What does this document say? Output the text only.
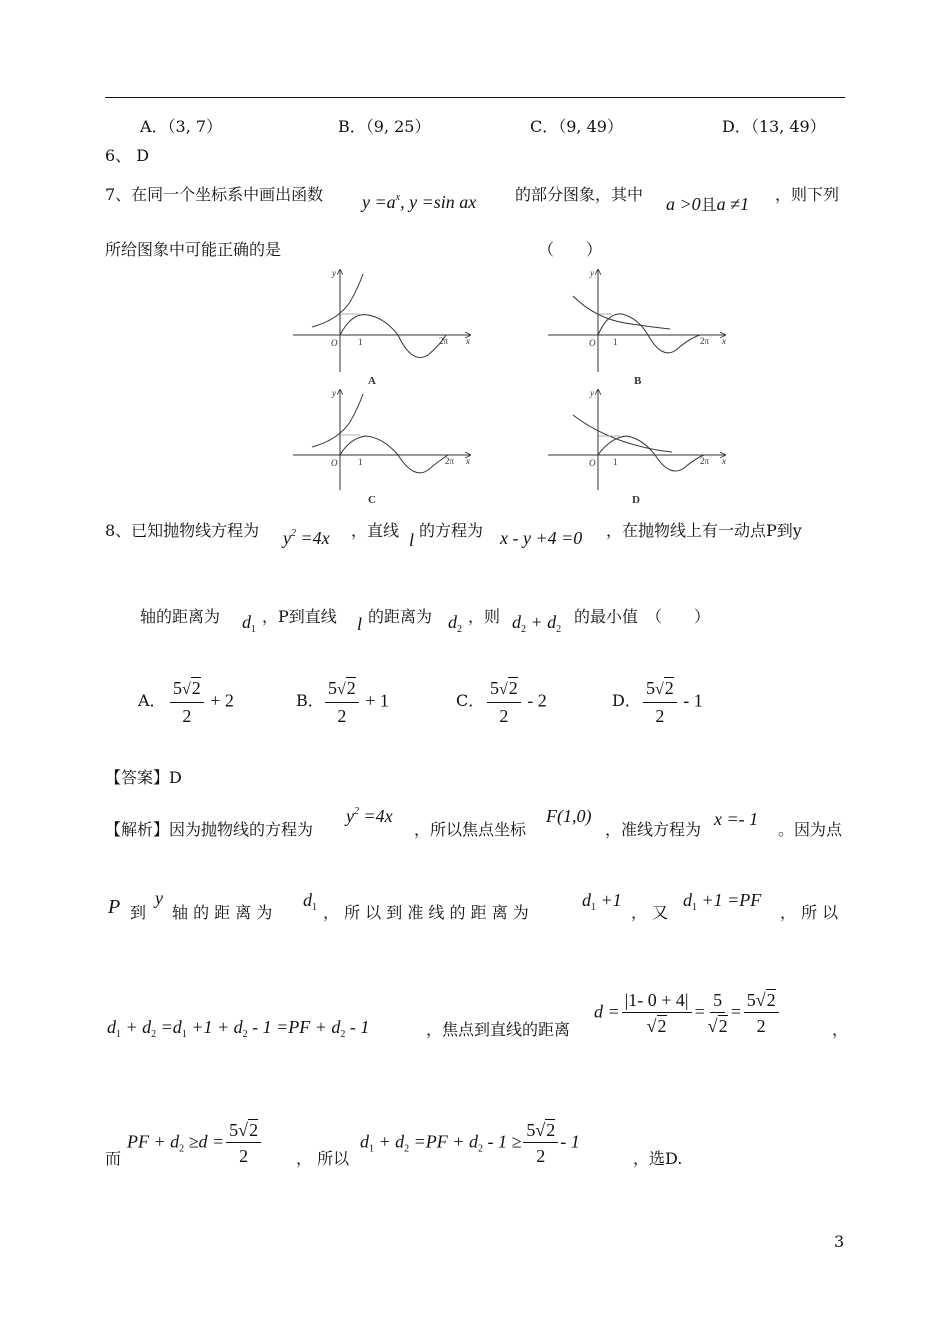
A．（3, 7）	B．（9, 25）	C．（9, 49）	D．（13, 49）
6、 D
7、在同一个坐标系中画出函数 $y =a^x$, y =sin ax 的部分图象，其中 a >0且a ≠1 ，则下列
所给图象中可能正确的是	（　　）
y
x
O 1	2π
y
x
O 1	2π
y
x
O 1	2π
y
x
O 1	2π
A	B
C	D
8、已知抛物线方程为 $y^2 =4x$ ，直线 l 的方程为 x - y +4 =0 ，在抛物线上有一动点P到y
轴的距离为 $d_1$
，P到直线 l 的距离为 $d_2$
，则 $d_2 + d_2$
的最小值　（　　）
A． $\frac{5√2}{2} + 2$	B． $\frac{5√2}{2} + 1$	C． $\frac{5√2}{2} - 2$	D． $\frac{5√2}{2} - 1$
【答案】D
【解析】因为抛物线的方程为
$y^2 =4x$
，所以焦点坐标
F(1,0)
，准线方程为
x =- 1
。因为点
P 到
y
轴 的 距 离 为
$d_1$ ， 所 以 到 准 线 的 距 离 为
$d_1 +1$
， 又
$d_1 +1 =PF$
， 所 以
$d_1 + d_2 =d_1 +1 + d_2 - 1 =PF + d_2 - 1$	，焦点到直线的距离
$d = \frac{|1- 0 + 4|}{√2} = \frac{5}{√2} = \frac{5√2}{2}$	，
而
PF + $d_2 \ge d = \frac{5√2}{2}$ ， 所以
$d_1 + d_2 =PF + d_2 - 1 \ge \frac{5√2}{2} - 1$
，选D.
3
